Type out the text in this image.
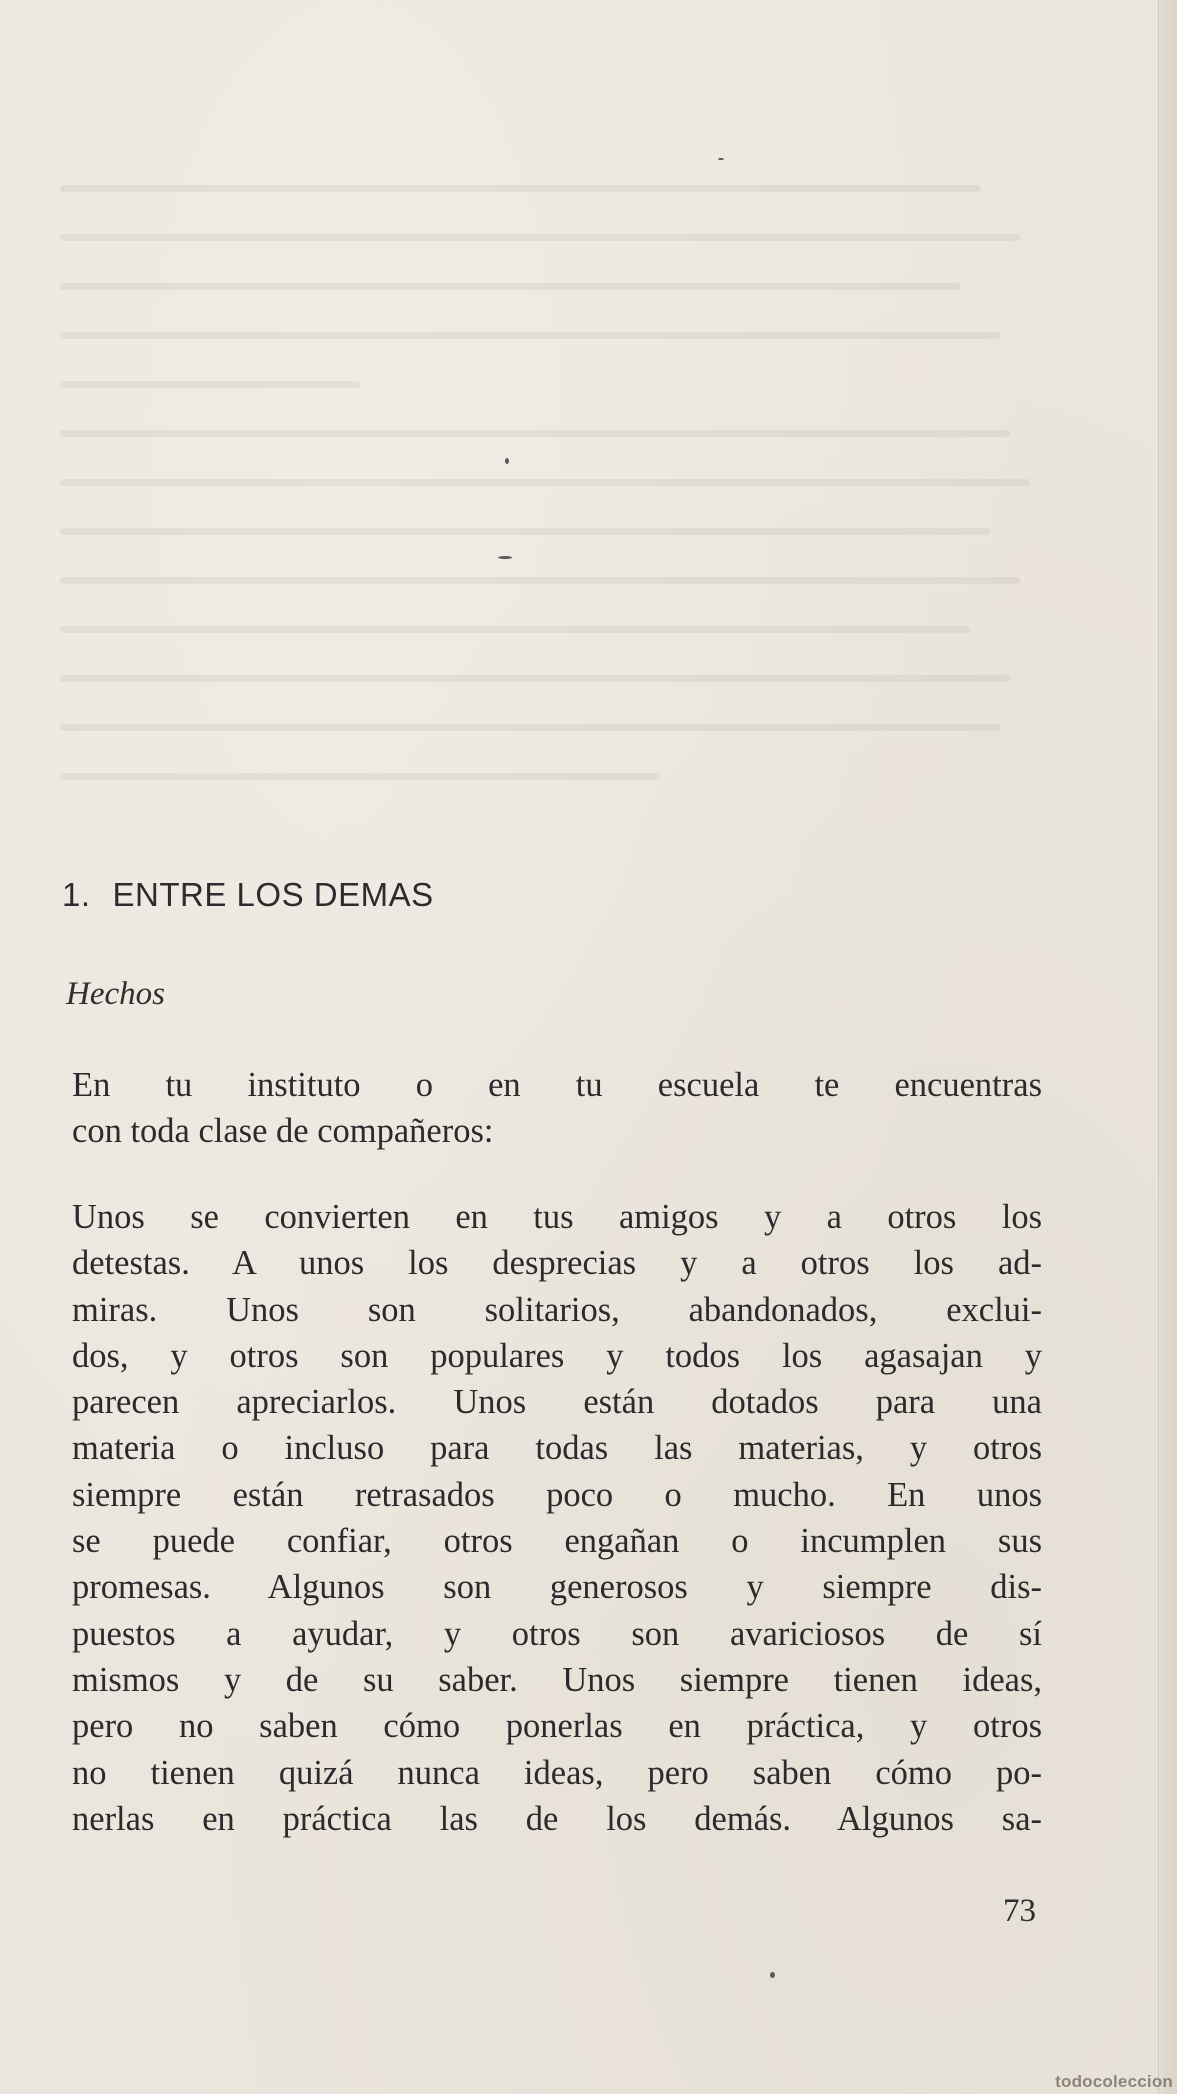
1. ENTRE LOS DEMAS
Hechos
En tu instituto o en tu escuela te encuentras
con toda clase de compañeros:
Unos se convierten en tus amigos y a otros los
detestas. A unos los desprecias y a otros los ad-
miras. Unos son solitarios, abandonados, exclui-
dos, y otros son populares y todos los agasajan y
parecen apreciarlos. Unos están dotados para una
materia o incluso para todas las materias, y otros
siempre están retrasados poco o mucho. En unos
se puede confiar, otros engañan o incumplen sus
promesas. Algunos son generosos y siempre dis-
puestos a ayudar, y otros son avariciosos de sí
mismos y de su saber. Unos siempre tienen ideas,
pero no saben cómo ponerlas en práctica, y otros
no tienen quizá nunca ideas, pero saben cómo po-
nerlas en práctica las de los demás. Algunos sa-
73
todocoleccion
